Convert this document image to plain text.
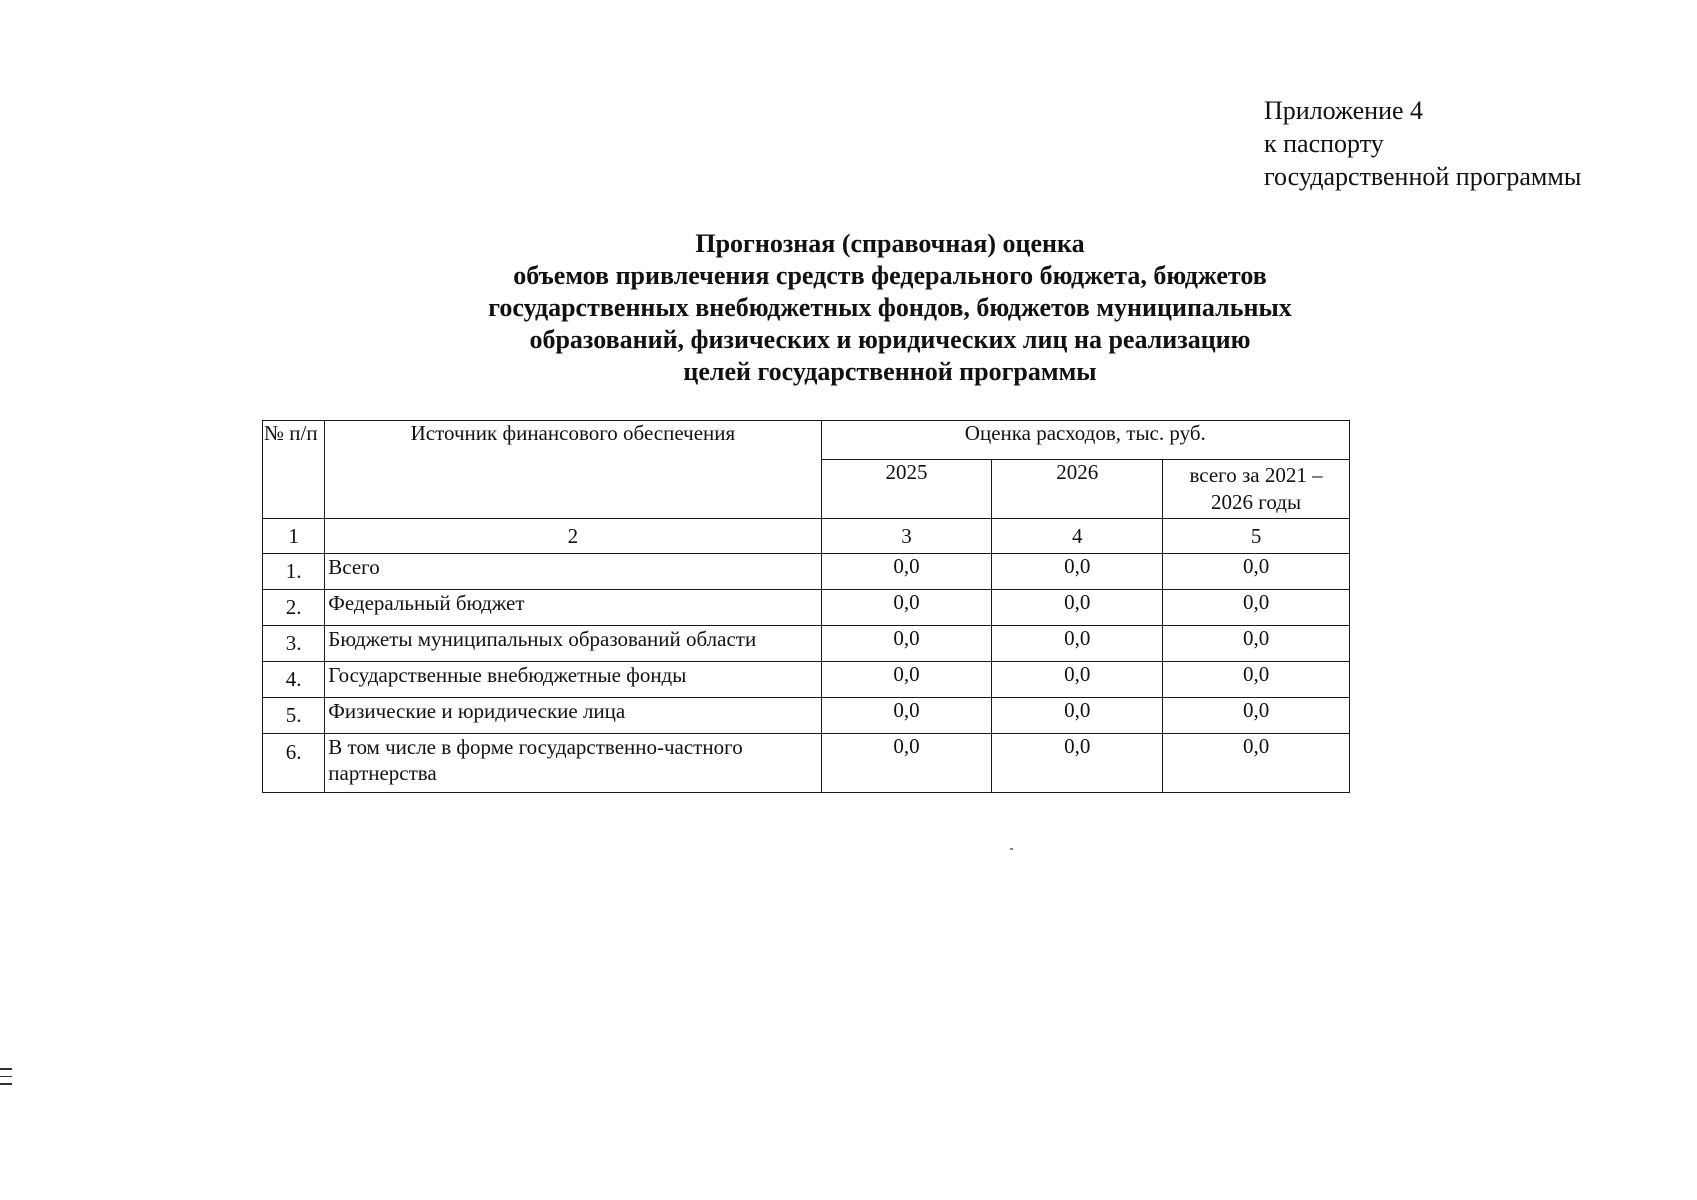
Приложение 4
к паспорту
государственной программы
Прогнозная (справочная) оценка
объемов привлечения средств федерального бюджета, бюджетов
государственных внебюджетных фондов, бюджетов муниципальных
образований, физических и юридических лиц на реализацию
целей государственной программы
№ п/п	Источник финансового обеспечения	Оценка расходов, тыс. руб.		
		2025	2026	всего за 2021 –
2026 годы

1	2	3	4	5
1.	Всего	0,0	0,0	0,0
2.	Федеральный бюджет	0,0	0,0	0,0
3.	Бюджеты муниципальных образований области	0,0	0,0	0,0
4.	Государственные внебюджетные фонды	0,0	0,0	0,0
5.	Физические и юридические лица	0,0	0,0	0,0
6.	В том числе в форме государственно-частного партнерства	0,0	0,0	0,0
